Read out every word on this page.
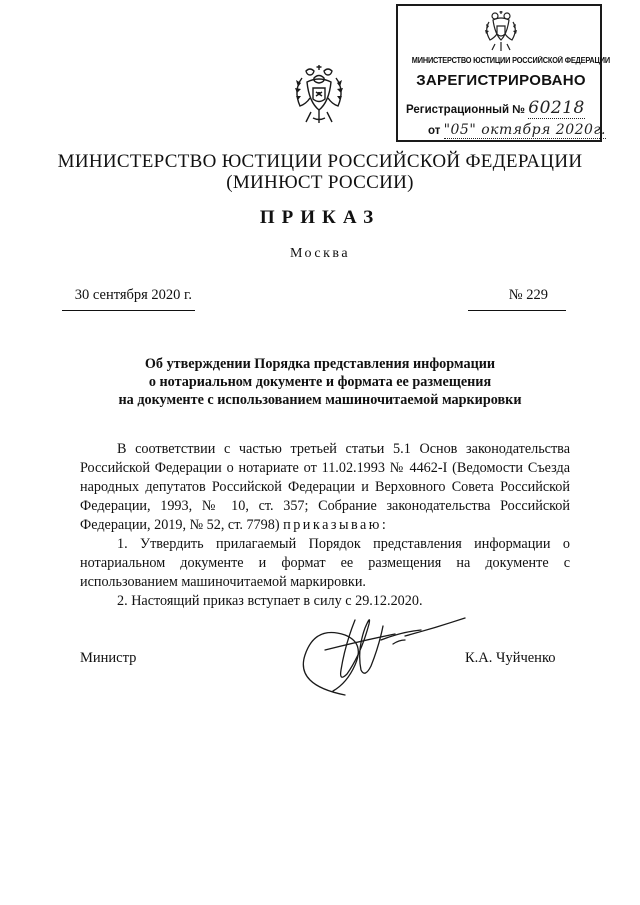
МИНИСТЕРСТВО ЮСТИЦИИ РОССИЙСКОЙ ФЕДЕРАЦИИ
ЗАРЕГИСТРИРОВАНО
Регистрационный № 60218
от "05" октября 2020г.
МИНИСТЕРСТВО ЮСТИЦИИ РОССИЙСКОЙ ФЕДЕРАЦИИ
(МИНЮСТ РОССИИ)
ПРИКАЗ
Москва
30 сентября 2020 г.	№ 229
Об утверждении Порядка представления информации
о нотариальном документе и формата ее размещения
на документе с использованием машиночитаемой маркировки
В соответствии с частью третьей статьи 5.1 Основ законодательства Российской Федерации о нотариате от 11.02.1993 № 4462-I (Ведомости Съезда народных депутатов Российской Федерации и Верховного Совета Российской Федерации, 1993, № 10, ст. 357; Собрание законодательства Российской Федерации, 2019, № 52, ст. 7798) приказываю:
1. Утвердить прилагаемый Порядок представления информации о нотариальном документе и формат ее размещения на документе с использованием машиночитаемой маркировки.
2. Настоящий приказ вступает в силу с 29.12.2020.
Министр	К.А. Чуйченко
